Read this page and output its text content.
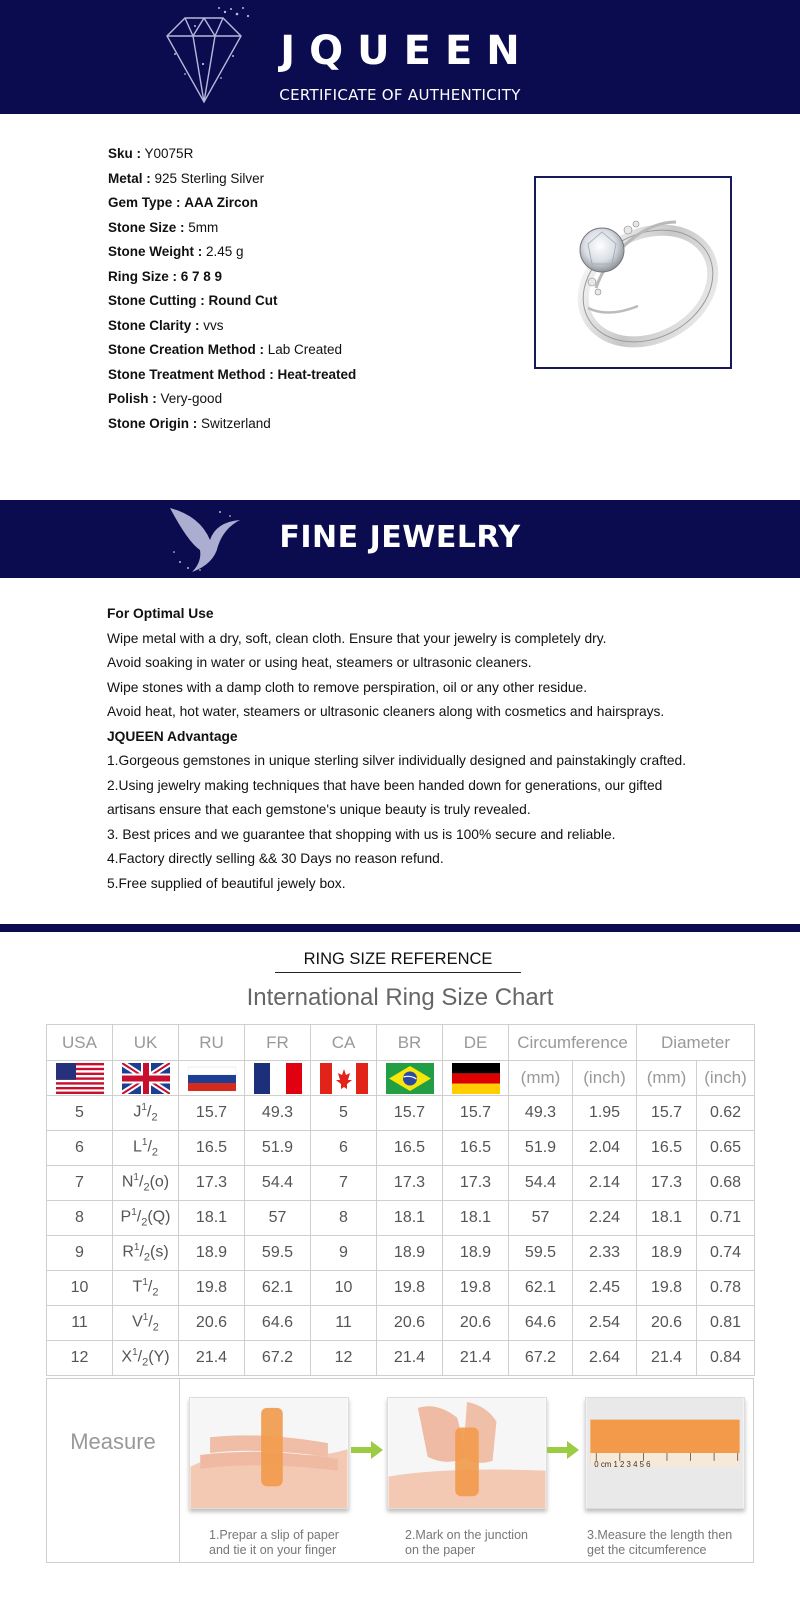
JQUEEN
CERTIFICATE OF AUTHENTICITY
Sku : Y0075R
Metal : 925 Sterling Silver
Gem Type : AAA Zircon
Stone Size : 5mm
Stone Weight : 2.45 g
Ring Size : 6 7 8 9
Stone Cutting : Round Cut
Stone Clarity : vvs
Stone Creation Method : Lab Created
Stone Treatment Method : Heat-treated
Polish : Very-good
Stone Origin : Switzerland
FINE JEWELRY
For Optimal Use
Wipe metal with a dry, soft, clean cloth. Ensure that your jewelry is completely dry.
Avoid soaking in water or using heat, steamers or ultrasonic cleaners.
Wipe stones with a damp cloth to remove perspiration, oil or any other residue.
Avoid heat, hot water, steamers or ultrasonic cleaners along with cosmetics and hairsprays.
JQUEEN Advantage
1.Gorgeous gemstones in unique sterling silver individually designed and painstakingly crafted.
2.Using jewelry making techniques that have been handed down for generations, our gifted
artisans ensure that each gemstone's unique beauty is truly revealed.
3. Best prices and we guarantee that shopping with us is 100% secure and reliable.
4.Factory directly selling && 30 Days no reason refund.
5.Free supplied of beautiful jewely box.
RING SIZE REFERENCE
International Ring Size Chart
USA	UK	RU	FR	CA	BR	DE	Circumference		Diameter	
							(mm)	(inch)	(mm)	(inch)
5	$J^1/_2$	15.7	49.3	5	15.7	15.7	49.3	1.95	15.7	0.62
6	$L^1/_2$	16.5	51.9	6	16.5	16.5	51.9	2.04	16.5	0.65
7	$N^1/_2(o)$	17.3	54.4	7	17.3	17.3	54.4	2.14	17.3	0.68
8	$P^1/_2(Q)$	18.1	57	8	18.1	18.1	57	2.24	18.1	0.71
9	$R^1/_2(s)$	18.9	59.5	9	18.9	18.9	59.5	2.33	18.9	0.74
10	$T^1/_2$	19.8	62.1	10	19.8	19.8	62.1	2.45	19.8	0.78
11	$V^1/_2$	20.6	64.6	11	20.6	20.6	64.6	2.54	20.6	0.81
12	$X^1/_2(Y)$	21.4	67.2	12	21.4	21.4	67.2	2.64	21.4	0.84
Measure
0 cm 1 2 3 4 5 6
1.Prepar a slip of paper
and tie it on your finger
2.Mark on the junction
on the paper
3.Measure the length then
get the citcumference
